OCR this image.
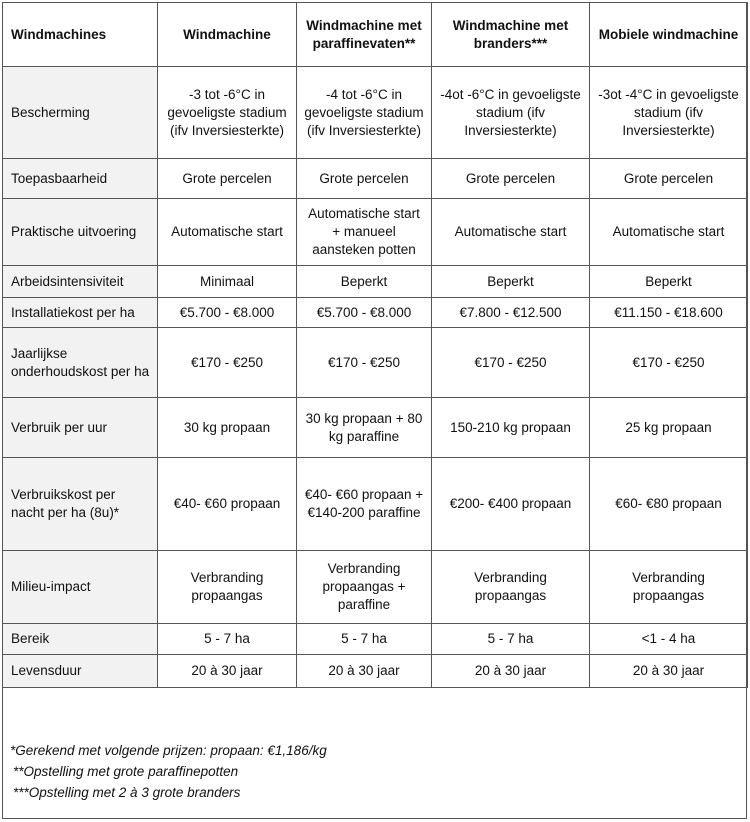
Windmachines	Windmachine	Windmachine met paraffinevaten**	Windmachine met branders***	Mobiele windmachine
Bescherming	-3 tot -6°C in gevoeligste stadium (ifv Inversiesterkte)	-4 tot -6°C in gevoeligste stadium (ifv Inversiesterkte)	-4ot -6°C in gevoeligste stadium (ifv Inversiesterkte)	-3ot -4°C in gevoeligste stadium (ifv Inversiesterkte)
Toepasbaarheid	Grote percelen	Grote percelen	Grote percelen	Grote percelen
Praktische uitvoering	Automatische start	Automatische start + manueel aansteken potten	Automatische start	Automatische start
Arbeidsintensiviteit	Minimaal	Beperkt	Beperkt	Beperkt
Installatiekost per ha	€5.700 - €8.000	€5.700 - €8.000	€7.800 - €12.500	€11.150 - €18.600
Jaarlijkse onderhoudskost per ha	€170 - €250	€170 - €250	€170 - €250	€170 - €250
Verbruik per uur	30 kg propaan	30 kg propaan + 80 kg paraffine	150-210 kg propaan	25 kg propaan
Verbruikskost per nacht per ha (8u)*	€40- €60 propaan	€40- €60 propaan + €140-200 paraffine	€200- €400 propaan	€60- €80 propaan
Milieu-impact	Verbranding propaangas	Verbranding propaangas + paraffine	Verbranding propaangas	Verbranding propaangas
Bereik	5 - 7 ha	5 - 7 ha	5 - 7 ha	<1 - 4 ha
Levensduur	20 à 30 jaar	20 à 30 jaar	20 à 30 jaar	20 à 30 jaar
*Gerekend met volgende prijzen: propaan: €1,186/kg
**Opstelling met grote paraffinepotten
***Opstelling met 2 à 3 grote branders
